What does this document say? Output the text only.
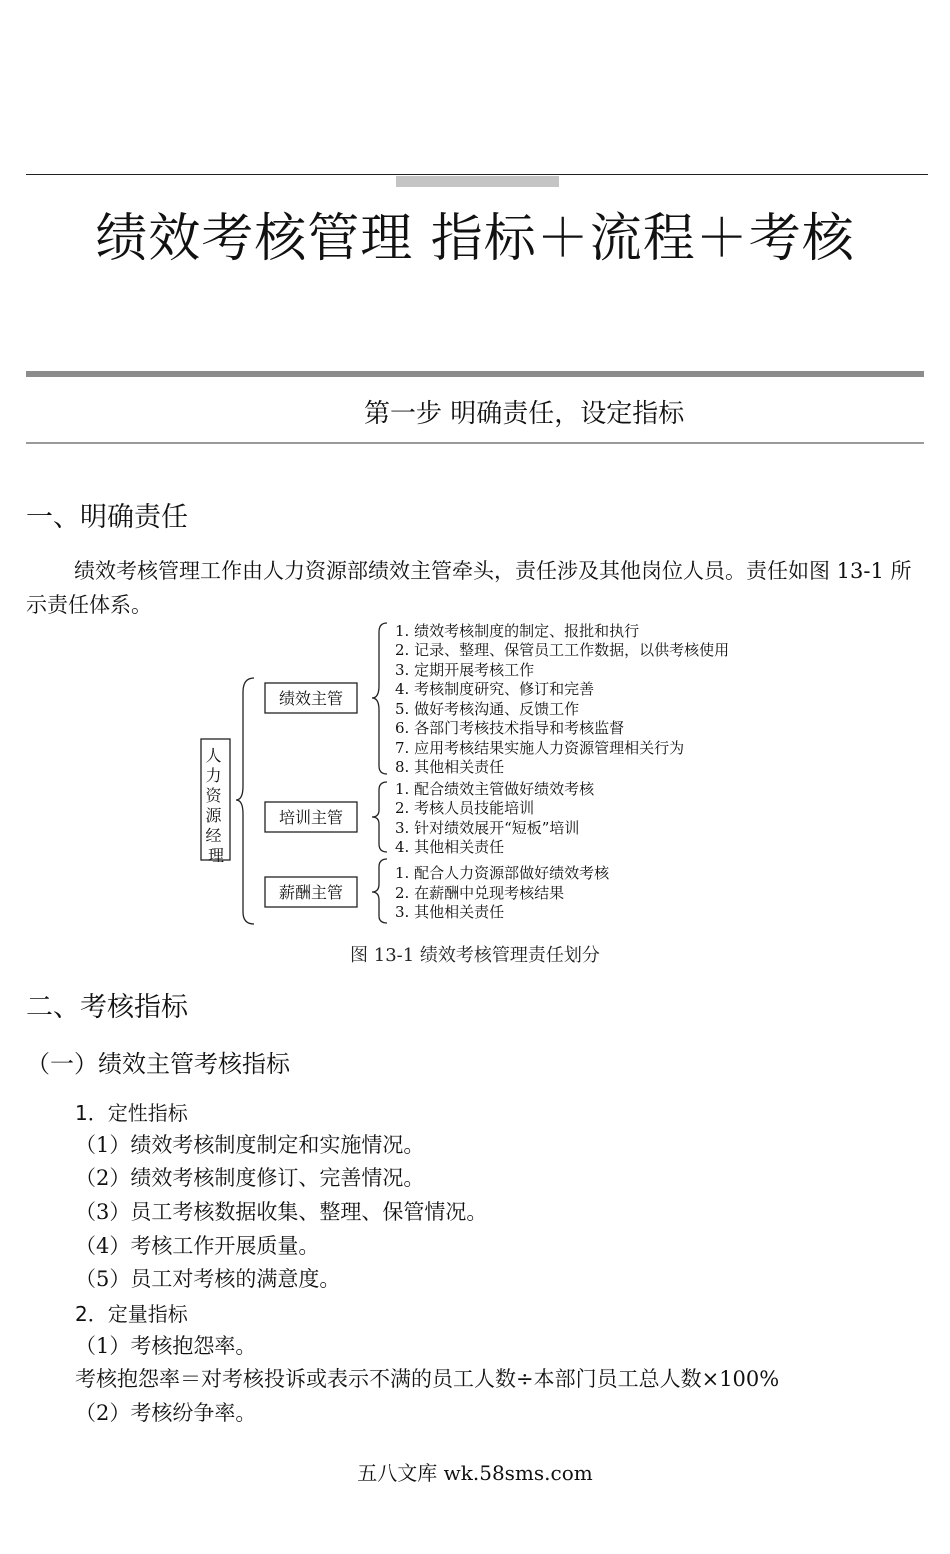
绩效考核管理 指标＋流程＋考核
第一步 明确责任，设定指标
一、明确责任
绩效考核管理工作由人力资源部绩效主管牵头，责任涉及其他岗位人员。责任如图 13-1 所示责任体系。
人 力 资 源 经 理
绩效主管
培训主管
薪酬主管
1. 绩效考核制度的制定、报批和执行
2. 记录、整理、保管员工工作数据，以供考核使用
3. 定期开展考核工作
4. 考核制度研究、修订和完善
5. 做好考核沟通、反馈工作
6. 各部门考核技术指导和考核监督
7. 应用考核结果实施人力资源管理相关行为
8. 其他相关责任
1. 配合绩效主管做好绩效考核
2. 考核人员技能培训
3. 针对绩效展开“短板”培训
4. 其他相关责任
1. 配合人力资源部做好绩效考核
2. 在薪酬中兑现考核结果
3. 其他相关责任
图 13-1 绩效考核管理责任划分
二、考核指标
（一）绩效主管考核指标
1．定性指标
（1）绩效考核制度制定和实施情况。
（2）绩效考核制度修订、完善情况。
（3）员工考核数据收集、整理、保管情况。
（4）考核工作开展质量。
（5）员工对考核的满意度。
2．定量指标
（1）考核抱怨率。
考核抱怨率＝对考核投诉或表示不满的员工人数÷本部门员工总人数×100%
（2）考核纷争率。
五八文库 wk.58sms.com
